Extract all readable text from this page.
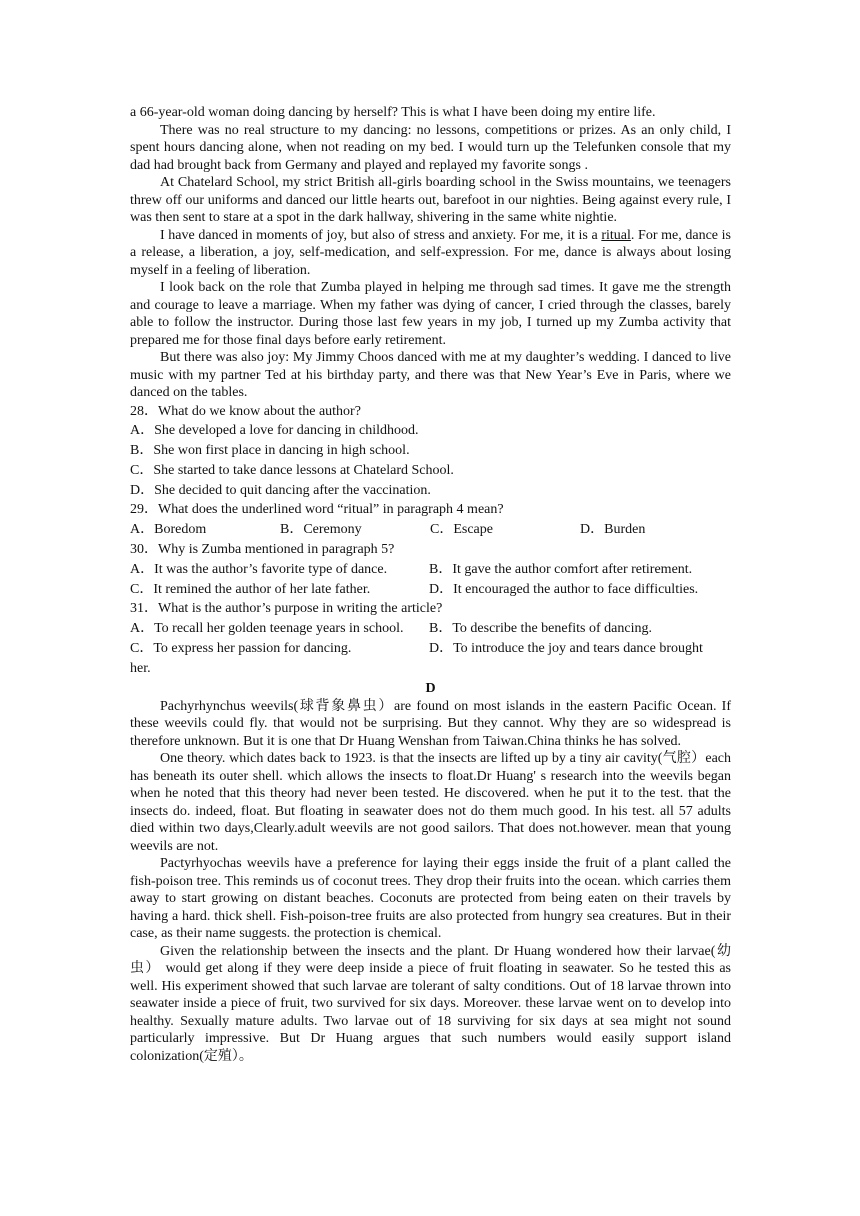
a 66-year-old woman doing dancing by herself? This is what I have been doing my entire life.

There was no real structure to my dancing: no lessons, competitions or prizes. As an only child, I spent hours dancing alone, when not reading on my bed. I would turn up the Telefunken console that my dad had brought back from Germany and played and replayed my favorite songs .

At Chatelard School, my strict British all-girls boarding school in the Swiss mountains, we teenagers threw off our uniforms and danced our little hearts out, barefoot in our nighties. Being against every rule, I was then sent to stare at a spot in the dark hallway, shivering in the same white nightie.

I have danced in moments of joy, but also of stress and anxiety. For me, it is a ritual. For me, dance is a release, a liberation, a joy, self-medication, and self-expression. For me, dance is always about losing myself in a feeling of liberation.

I look back on the role that Zumba played in helping me through sad times. It gave me the strength and courage to leave a marriage. When my father was dying of cancer, I cried through the classes, barely able to follow the instructor. During those last few years in my job, I turned up my Zumba activity that prepared me for those final days before early retirement.

But there was also joy: My Jimmy Choos danced with me at my daughter’s wedding. I danced to live music with my partner Ted at his birthday party, and there was that New Year’s Eve in Paris, where we danced on the tables.

28．What do we know about the author?

A．She developed a love for dancing in childhood.
B．She won first place in dancing in high school.
C．She started to take dance lessons at Chatelard School.
D．She decided to quit dancing after the vaccination.

29．What does the underlined word “ritual” in paragraph 4 mean?

A．Boredom	B．Ceremony	C．Escape	D．Burden

30．Why is Zumba mentioned in paragraph 5?

A．It was the author’s favorite type of dance.	B．It gave the author comfort after retirement.
C．It remined the author of her late father.	D．It encouraged the author to face difficulties.

31．What is the author’s purpose in writing the article?

A．To recall her golden teenage years in school.	B．To describe the benefits of dancing.
C．To express her passion for dancing.	D．To introduce the joy and tears dance brought

her.

D

Pachyrhynchus weevils(球背象鼻虫）are found on most islands in the eastern Pacific Ocean. If these weevils could fly. that would not be surprising. But they cannot. Why they are so widespread is therefore unknown. But it is one that Dr Huang Wenshan from Taiwan.China thinks he has solved.

One theory. which dates back to 1923. is that the insects are lifted up by a tiny air cavity(气腔）each has beneath its outer shell. which allows the insects to float.Dr Huang' s research into the weevils began when he noted that this theory had never been tested. He discovered. when he put it to the test. that the insects do. indeed, float. But floating in seawater does not do them much good. In his test. all 57 adults died within two days,Clearly.adult weevils are not good sailors. That does not.however. mean that young weevils are not.

Pactyrhyochas weevils have a preference for laying their eggs inside the fruit of a plant called the fish-poison tree. This reminds us of coconut trees. They drop their fruits into the ocean. which carries them away to start growing on distant beaches. Coconuts are protected from being eaten on their travels by having a hard. thick shell. Fish-poison-tree fruits are also protected from hungry sea creatures. But in their case, as their name suggests. the protection is chemical.

Given the relationship between the insects and the plant. Dr Huang wondered how their larvae(幼虫） would get along if they were deep inside a piece of fruit floating in seawater. So he tested this as well. His experiment showed that such larvae are tolerant of salty conditions. Out of 18 larvae thrown into seawater inside a piece of fruit, two survived for six days. Moreover. these larvae went on to develop into healthy. Sexually mature adults. Two larvae out of 18 surviving for six days at sea might not sound particularly impressive. But Dr Huang argues that such numbers would easily support island colonization(定殖）。
